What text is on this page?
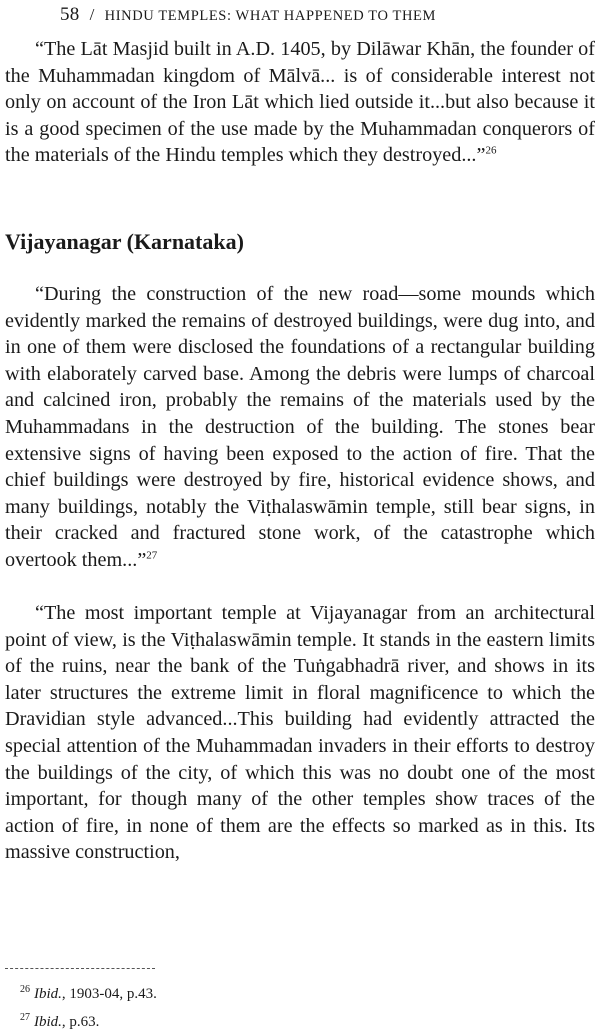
58 / HINDU TEMPLES: WHAT HAPPENED TO THEM

“The Lāt Masjid built in A.D. 1405, by Dilāwar Khān, the founder of the Muhammadan kingdom of Mālvā... is of considerable interest not only on account of the Iron Lāt which lied outside it...but also because it is a good specimen of the use made by the Muhammadan conquerors of the materials of the Hindu temples which they destroyed...”$^{26}$

Vijayanagar (Karnataka)

“During the construction of the new road—some mounds which evidently marked the remains of destroyed buildings, were dug into, and in one of them were disclosed the foundations of a rectangular building with elaborately carved base. Among the debris were lumps of charcoal and calcined iron, probably the remains of the materials used by the Muhammadans in the destruction of the building. The stones bear extensive signs of having been exposed to the action of fire. That the chief buildings were destroyed by fire, historical evidence shows, and many buildings, notably the Viṭhalaswāmin temple, still bear signs, in their cracked and fractured stone work, of the catastrophe which overtook them...”$^{27}$

“The most important temple at Vijayanagar from an architectural point of view, is the Viṭhalaswāmin temple. It stands in the eastern limits of the ruins, near the bank of the Tuṅgabhadrā river, and shows in its later structures the extreme limit in floral magnificence to which the Dravidian style advanced...This building had evidently attracted the special attention of the Muhammadan invaders in their efforts to destroy the buildings of the city, of which this was no doubt one of the most important, for though many of the other temples show traces of the action of fire, in none of them are the effects so marked as in this. Its massive construction,

$^{26}$ Ibid., 1903-04, p.43.
$^{27}$ Ibid., p.63.
